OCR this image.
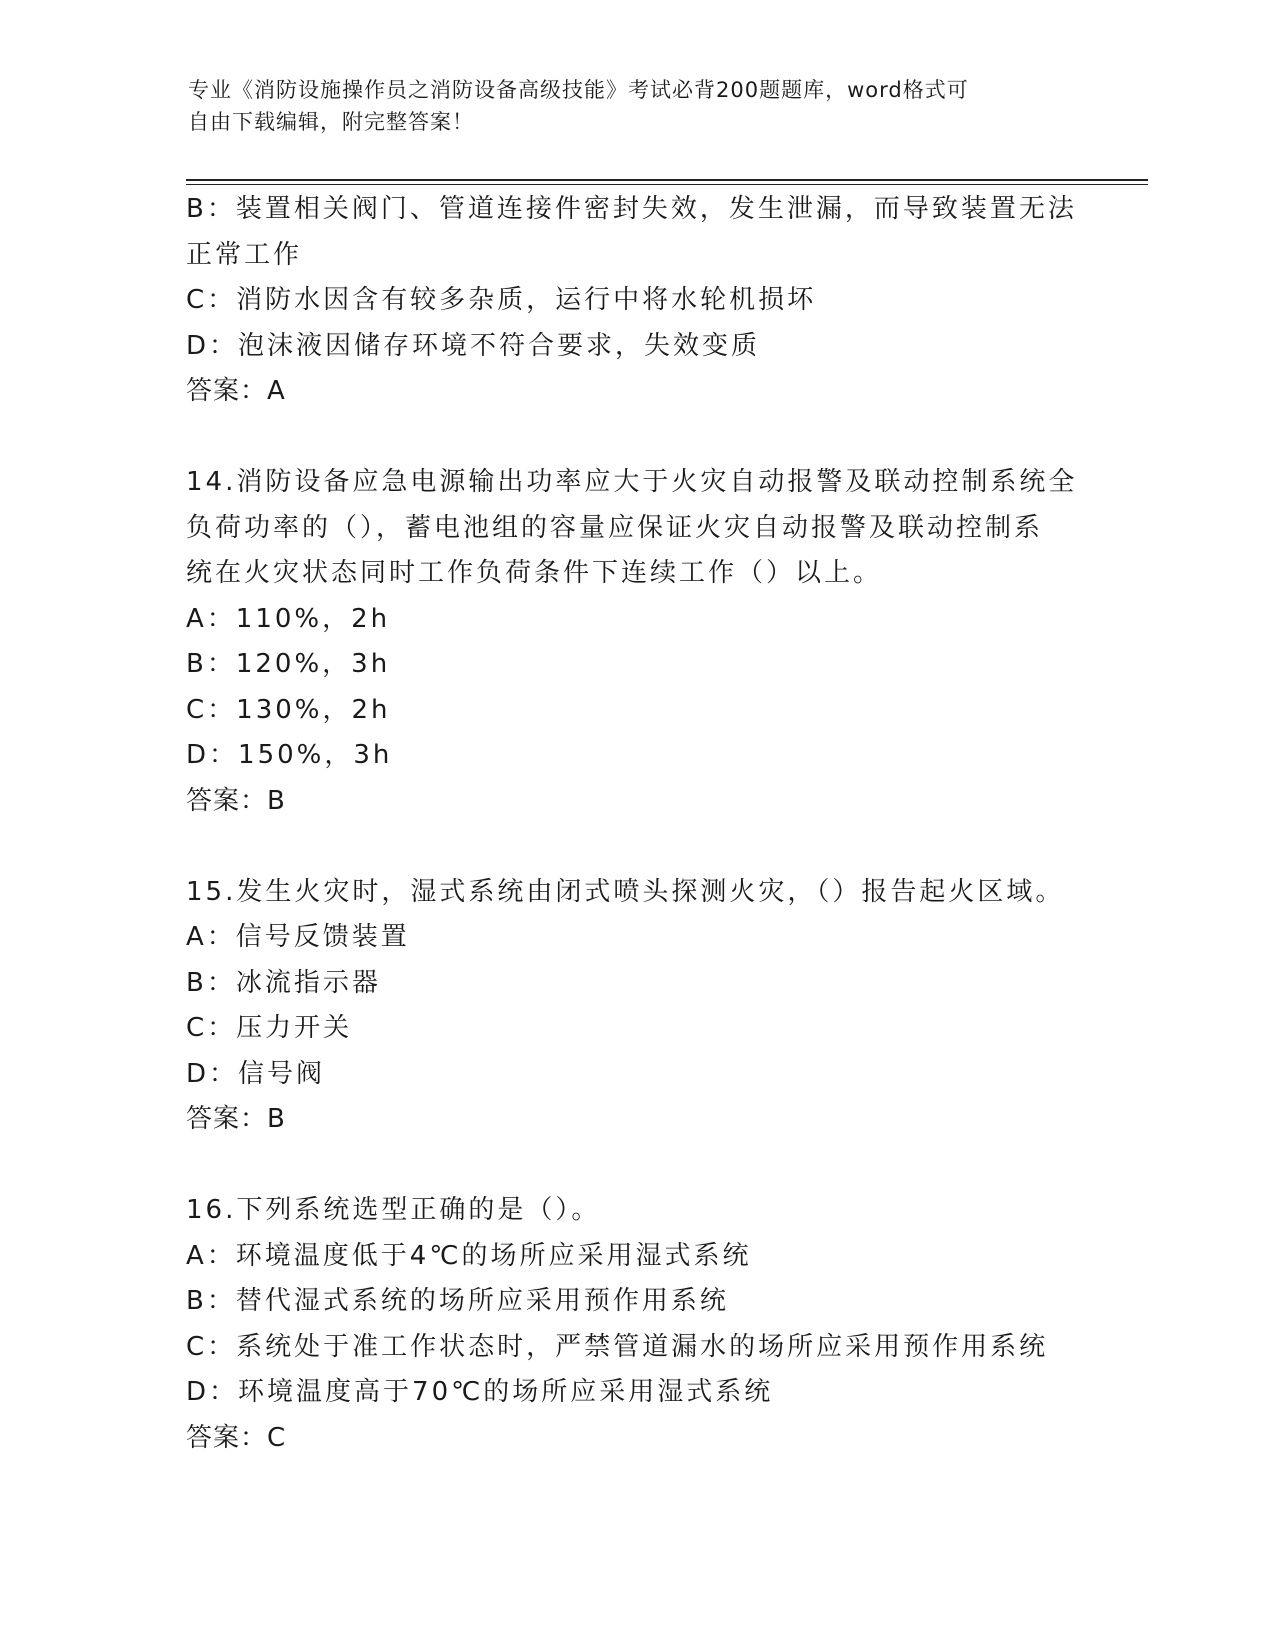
专业《消防设施操作员之消防设备高级技能》考试必背200题题库，word格式可
自由下载编辑，附完整答案！
B：装置相关阀门、管道连接件密封失效，发生泄漏，而导致装置无法
正常工作
C：消防水因含有较多杂质，运行中将水轮机损坏
D：泡沫液因储存环境不符合要求，失效变质
答案：A
14.消防设备应急电源输出功率应大于火灾自动报警及联动控制系统全
负荷功率的（），蓄电池组的容量应保证火灾自动报警及联动控制系
统在火灾状态同时工作负荷条件下连续工作（）以上。
A：110%，2h
B：120%，3h
C：130%，2h
D：150%，3h
答案：B
15.发生火灾时，湿式系统由闭式喷头探测火灾，（）报告起火区域。
A：信号反馈装置
B：冰流指示器
C：压力开关
D：信号阀
答案：B
16.下列系统选型正确的是（）。
A：环境温度低于4℃的场所应采用湿式系统
B：替代湿式系统的场所应采用预作用系统
C：系统处于准工作状态时，严禁管道漏水的场所应采用预作用系统
D：环境温度高于70℃的场所应采用湿式系统
答案：C
